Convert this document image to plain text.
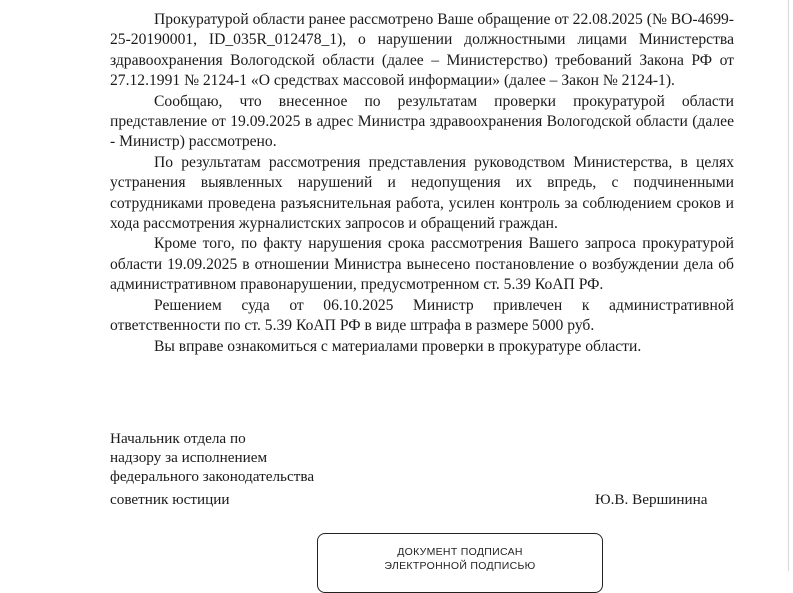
Прокуратурой области ранее рассмотрено Ваше обращение от 22.08.2025 (№ ВО-4699-25-20190001, ID_035R_012478_1), о нарушении должностными лицами Министерства здравоохранения Вологодской области (далее – Министерство) требований Закона РФ от 27.12.1991 № 2124-1 «О средствах массовой информации» (далее – Закон № 2124-1).

Сообщаю, что внесенное по результатам проверки прокуратурой области представление от 19.09.2025 в адрес Министра здравоохранения Вологодской области (далее - Министр) рассмотрено.

По результатам рассмотрения представления руководством Министерства, в целях устранения выявленных нарушений и недопущения их впредь, с подчиненными сотрудниками проведена разъяснительная работа, усилен контроль за соблюдением сроков и хода рассмотрения журналистских запросов и обращений граждан.

Кроме того, по факту нарушения срока рассмотрения Вашего запроса прокуратурой области 19.09.2025 в отношении Министра вынесено постановление о возбуждении дела об административном правонарушении, предусмотренном ст. 5.39 КоАП РФ.

Решением суда от 06.10.2025 Министр привлечен к административной ответственности по ст. 5.39 КоАП РФ в виде штрафа в размере 5000 руб.

Вы вправе ознакомиться с материалами проверки в прокуратуре области.

Начальник отдела по
надзору за исполнением
федерального законодательства
советник юстиции	Ю.В. Вершинина
ДОКУМЕНТ ПОДПИСАН
ЭЛЕКТРОННОЙ ПОДПИСЬЮ
